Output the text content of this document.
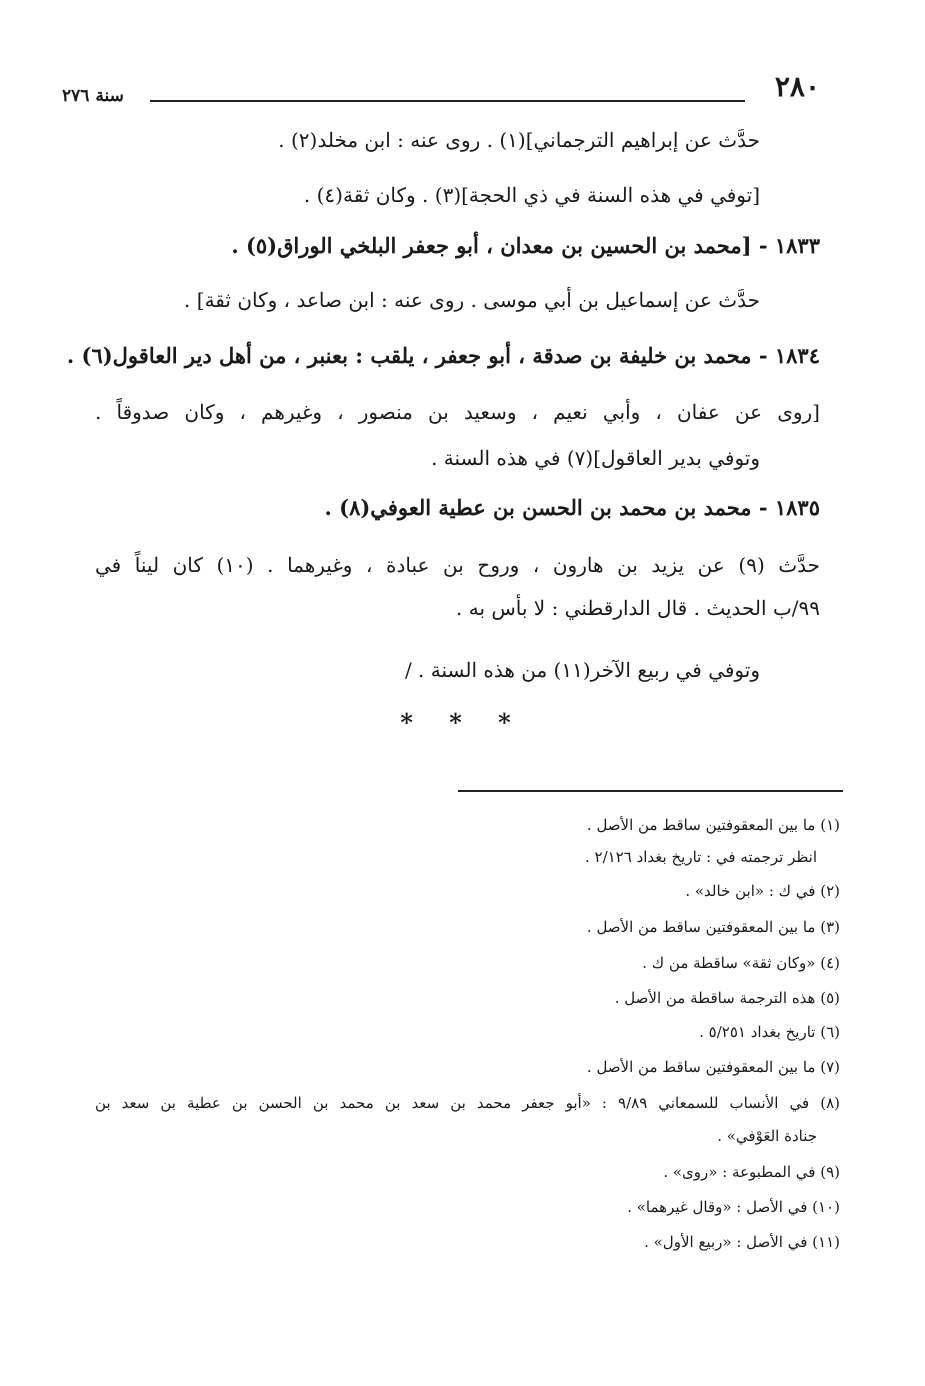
٢٨٠
سنة ٢٧٦
حدَّث عن إبراهيم الترجماني](١) . روى عنه : ابن مخلد(٢) .
[توفي في هذه السنة في ذي الحجة](٣) . وكان ثقة(٤) .
١٨٣٣ - [محمد بن الحسين بن معدان ، أبو جعفر البلخي الوراق(٥) .
حدَّث عن إسماعيل بن أبي موسى . روى عنه : ابن صاعد ، وكان ثقة] .
١٨٣٤ - محمد بن خليفة بن صدقة ، أبو جعفر ، يلقب : بعنبر ، من أهل دير العاقول(٦) .
[روى عن عفان ، وأبي نعيم ، وسعيد بن منصور ، وغيرهم ، وكان صدوقاً .
وتوفي بدير العاقول](٧) في هذه السنة .
١٨٣٥ - محمد بن محمد بن الحسن بن عطية العوفي(٨) .
حدَّث (٩) عن يزيد بن هارون ، وروح بن عبادة ، وغيرهما . (١٠) كان ليناً في
٩٩/ب الحديث . قال الدارقطني : لا بأس به .
وتوفي في ربيع الآخر(١١) من هذه السنة . /
* * *
(١) ما بين المعقوفتين ساقط من الأصل .
انظر ترجمته في : تاريخ بغداد ٢/١٢٦ .
(٢) في ك : «ابن خالد» .
(٣) ما بين المعقوفتين ساقط من الأصل .
(٤) «وكان ثقة» ساقطة من ك .
(٥) هذه الترجمة ساقطة من الأصل .
(٦) تاريخ بغداد ٥/٢٥١ .
(٧) ما بين المعقوفتين ساقط من الأصل .
(٨) في الأنساب للسمعاني ٩/٨٩ : «أبو جعفر محمد بن سعد بن محمد بن الحسن بن عطية بن سعد بن
جنادة العَوْفي» .
(٩) في المطبوعة : «روى» .
(١٠) في الأصل : «وقال غيرهما» .
(١١) في الأصل : «ربيع الأول» .
